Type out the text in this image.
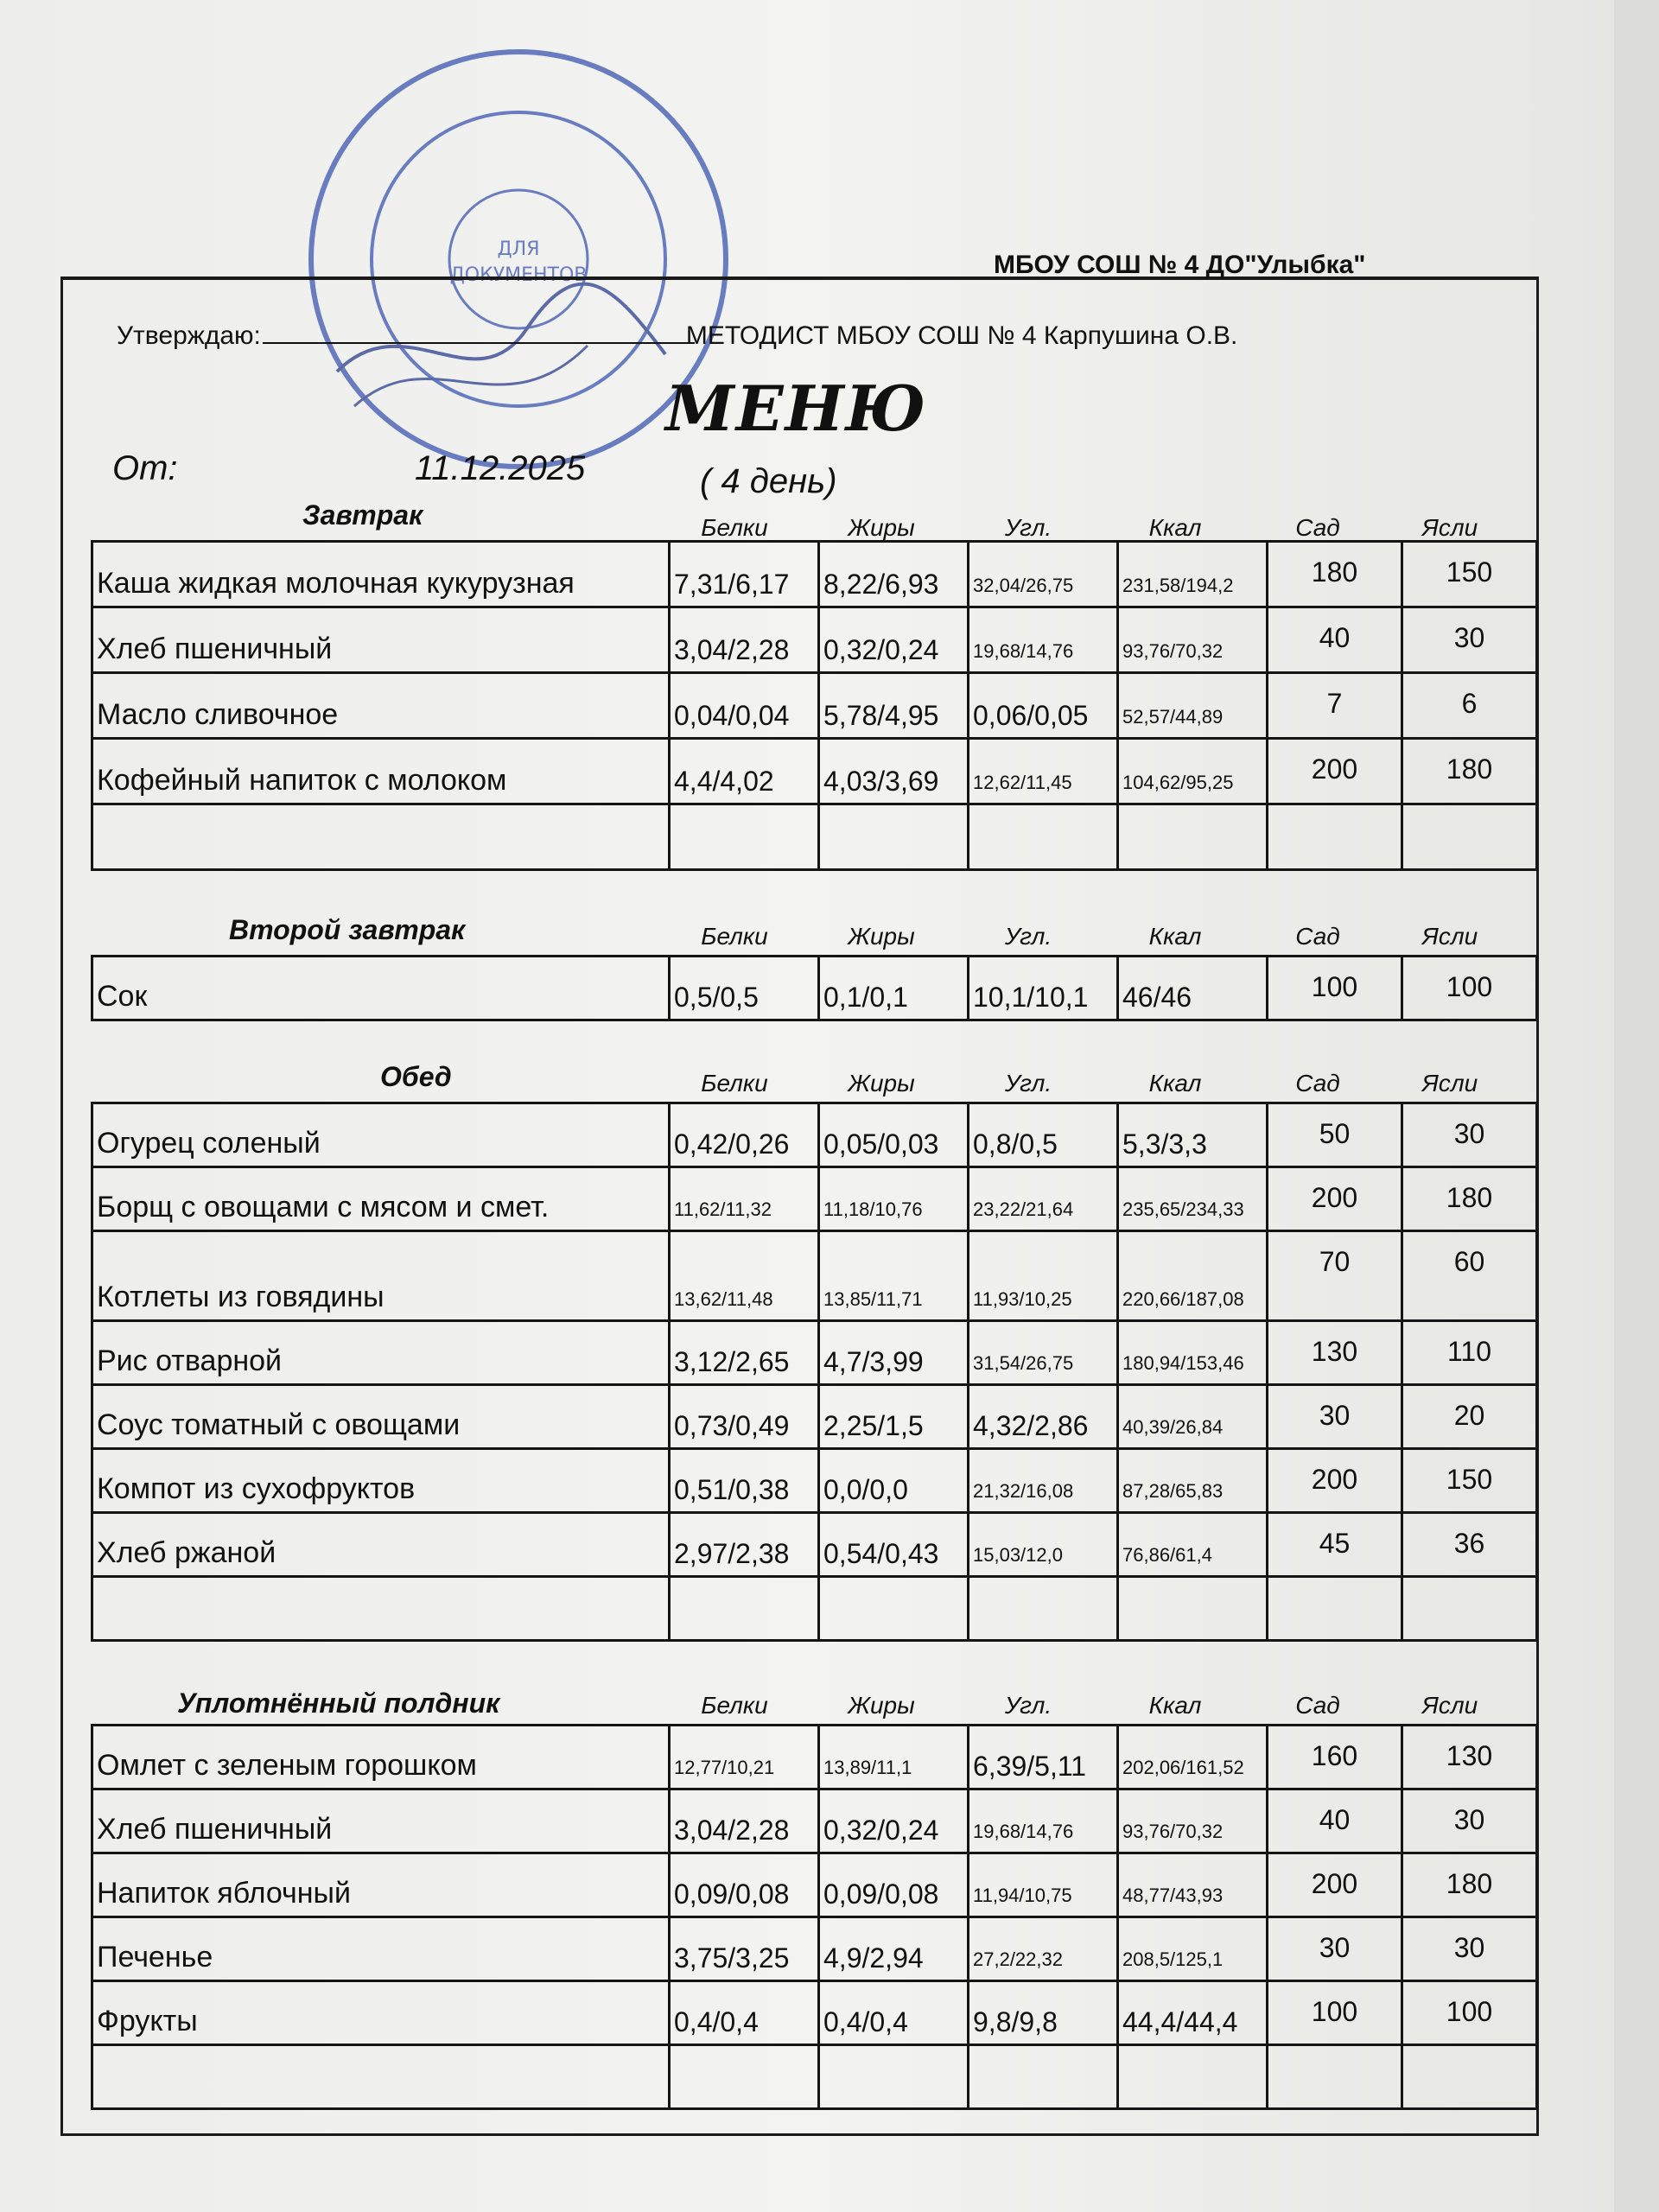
ДЛЯ
ДОКУМЕНТОВ	МБОУ СОШ № 4 ДО"Улыбка"
Утверждаю:	МЕТОДИСТ МБОУ СОШ № 4 Карпушина О.В.
МЕНЮ
От:	11.12.2025	( 4 день)
Завтрак	Белки	Жиры	Угл.	Ккал	Сад	Ясли
Каша жидкая молочная кукурузная	7,31/6,17	8,22/6,93	32,04/26,75	231,58/194,2	180	150
Хлеб пшеничный	3,04/2,28	0,32/0,24	19,68/14,76	93,76/70,32	40	30
Масло сливочное	0,04/0,04	5,78/4,95	0,06/0,05	52,57/44,89	7	6
Кофейный напиток с молоком	4,4/4,02	4,03/3,69	12,62/11,45	104,62/95,25	200	180

Второй завтрак	Белки	Жиры	Угл.	Ккал	Сад	Ясли
Сок	0,5/0,5	0,1/0,1	10,1/10,1	46/46	100	100
Обед	Белки	Жиры	Угл.	Ккал	Сад	Ясли
Огурец соленый	0,42/0,26	0,05/0,03	0,8/0,5	5,3/3,3	50	30
Борщ с овощами с мясом и смет.	11,62/11,32	11,18/10,76	23,22/21,64	235,65/234,33	200	180
Котлеты из говядины	13,62/11,48	13,85/11,71	11,93/10,25	220,66/187,08	70	60
Рис отварной	3,12/2,65	4,7/3,99	31,54/26,75	180,94/153,46	130	110
Соус томатный с овощами	0,73/0,49	2,25/1,5	4,32/2,86	40,39/26,84	30	20
Компот из сухофруктов	0,51/0,38	0,0/0,0	21,32/16,08	87,28/65,83	200	150
Хлеб ржаной	2,97/2,38	0,54/0,43	15,03/12,0	76,86/61,4	45	36

Уплотнённый полдник	Белки	Жиры	Угл.	Ккал	Сад	Ясли
Омлет с зеленым горошком	12,77/10,21	13,89/11,1	6,39/5,11	202,06/161,52	160	130
Хлеб пшеничный	3,04/2,28	0,32/0,24	19,68/14,76	93,76/70,32	40	30
Напиток яблочный	0,09/0,08	0,09/0,08	11,94/10,75	48,77/43,93	200	180
Печенье	3,75/3,25	4,9/2,94	27,2/22,32	208,5/125,1	30	30
Фрукты	0,4/0,4	0,4/0,4	9,8/9,8	44,4/44,4	100	100
